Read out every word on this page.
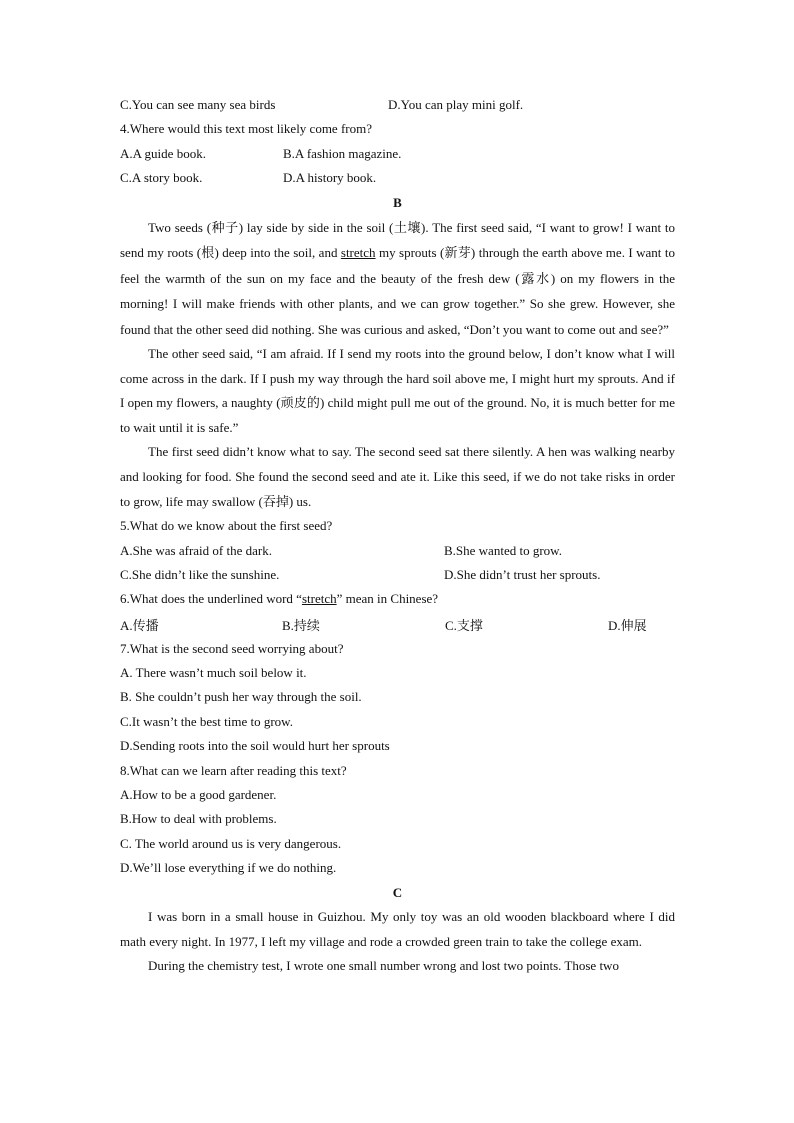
C.You can see many sea birds	D.You can play mini golf.
4.Where would this text most likely come from?
A.A guide book.	B.A fashion magazine.
C.A story book.	D.A history book.
B

Two seeds (种子) lay side by side in the soil (土壤). The first seed said, “I want to grow! I want to send my roots (根) deep into the soil, and stretch my sprouts (新芽) through the earth above me. I want to feel the warmth of the sun on my face and the beauty of the fresh dew (露水) on my flowers in the morning! I will make friends with other plants, and we can grow together.” So she grew. However, she found that the other seed did nothing. She was curious and asked, “Don’t you want to come out and see?”

The other seed said, “I am afraid. If I send my roots into the ground below, I don’t know what I will come across in the dark. If I push my way through the hard soil above me, I might hurt my sprouts. And if I open my flowers, a naughty (顽皮的) child might pull me out of the ground. No, it is much better for me to wait until it is safe.”

The first seed didn’t know what to say. The second seed sat there silently. A hen was walking nearby and looking for food. She found the second seed and ate it. Like this seed, if we do not take risks in order to grow, life may swallow (吞掉) us.

5.What do we know about the first seed?
A.She was afraid of the dark.	B.She wanted to grow.
C.She didn’t like the sunshine.	D.She didn’t trust her sprouts.
6.What does the underlined word “stretch” mean in Chinese?
A.传播	B.持续	C.支撑	D.伸展
7.What is the second seed worrying about?
A. There wasn’t much soil below it.
B. She couldn’t push her way through the soil.
C.It wasn’t the best time to grow.
D.Sending roots into the soil would hurt her sprouts
8.What can we learn after reading this text?
A.How to be a good gardener.
B.How to deal with problems.
C. The world around us is very dangerous.
D.We’ll lose everything if we do nothing.
C

I was born in a small house in Guizhou. My only toy was an old wooden blackboard where I did math every night. In 1977, I left my village and rode a crowded green train to take the college exam.

During the chemistry test, I wrote one small number wrong and lost two points. Those two
